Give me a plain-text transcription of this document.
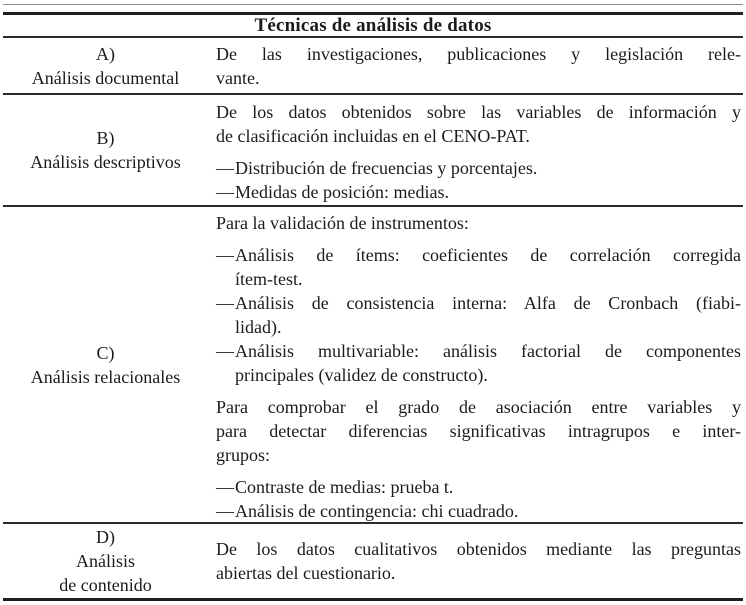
Técnicas de análisis de datos
A)
Análisis documental
De las investigaciones, publicaciones y legislación rele-
vante.
B)
Análisis descriptivos
De los datos obtenidos sobre las variables de información y
de clasificación incluidas en el CENO-PAT.
— Distribución de frecuencias y porcentajes.
— Medidas de posición: medias.
C)
Análisis relacionales
Para la validación de instrumentos:
— Análisis de ítems: coeficientes de correlación corregida
ítem-test.
— Análisis de consistencia interna: Alfa de Cronbach (fiabi-
lidad).
— Análisis multivariable: análisis factorial de componentes
principales (validez de constructo).
Para comprobar el grado de asociación entre variables y
para detectar diferencias significativas intragrupos e inter-
grupos:
— Contraste de medias: prueba t.
— Análisis de contingencia: chi cuadrado.
D)
Análisis
de contenido
De los datos cualitativos obtenidos mediante las preguntas
abiertas del cuestionario.
